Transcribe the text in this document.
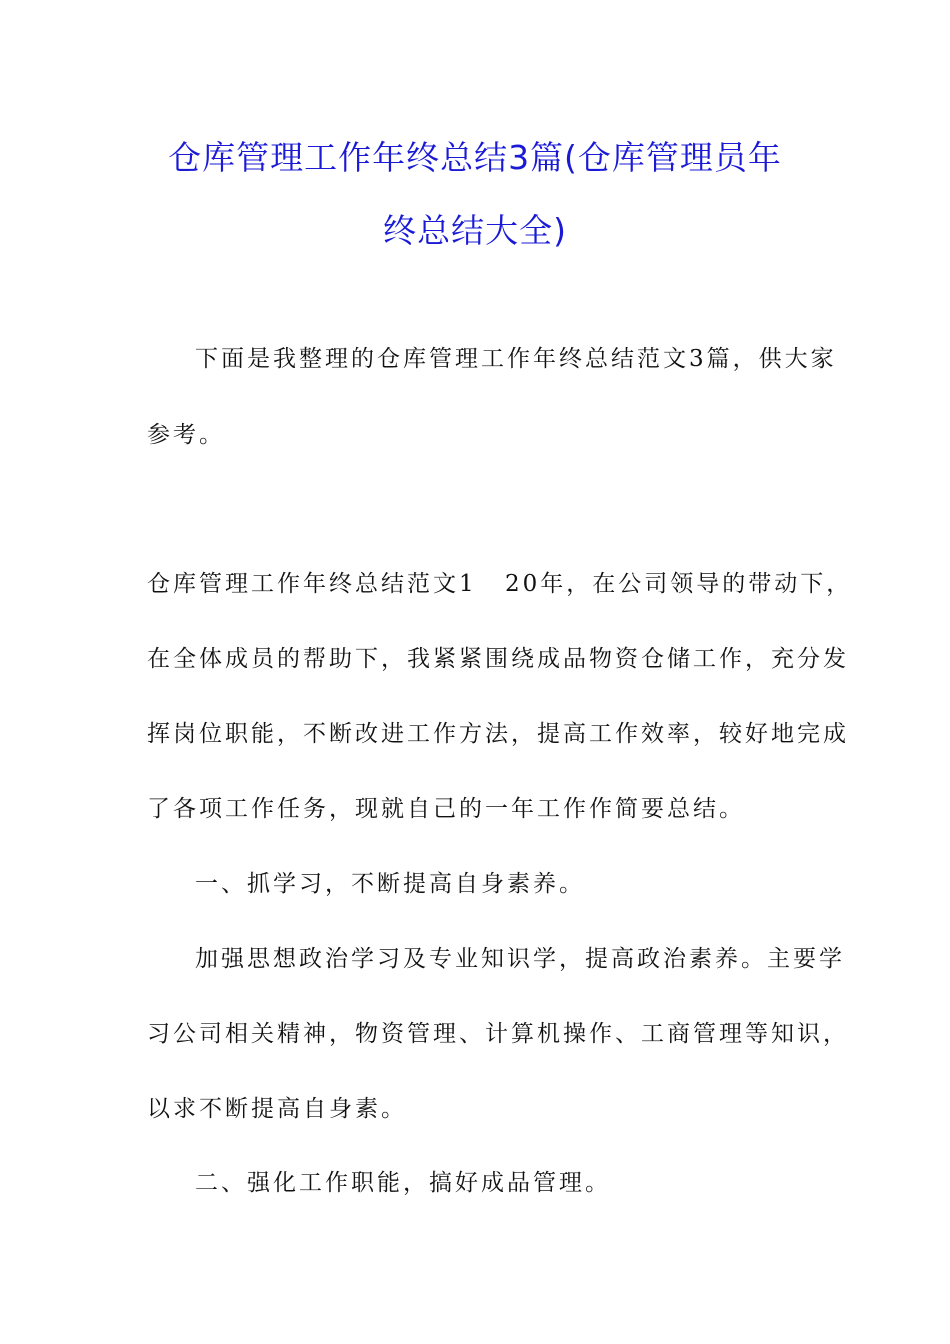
仓库管理工作年终总结3篇(仓库管理员年
终总结大全)
下面是我整理的仓库管理工作年终总结范文3篇，供大家
参考。
仓库管理工作年终总结范文1 20年，在公司领导的带动下，
在全体成员的帮助下，我紧紧围绕成品物资仓储工作，充分发
挥岗位职能，不断改进工作方法，提高工作效率，较好地完成
了各项工作任务，现就自己的一年工作作简要总结。
一、抓学习，不断提高自身素养。
加强思想政治学习及专业知识学，提高政治素养。主要学
习公司相关精神，物资管理、计算机操作、工商管理等知识，
以求不断提高自身素。
二、强化工作职能，搞好成品管理。
